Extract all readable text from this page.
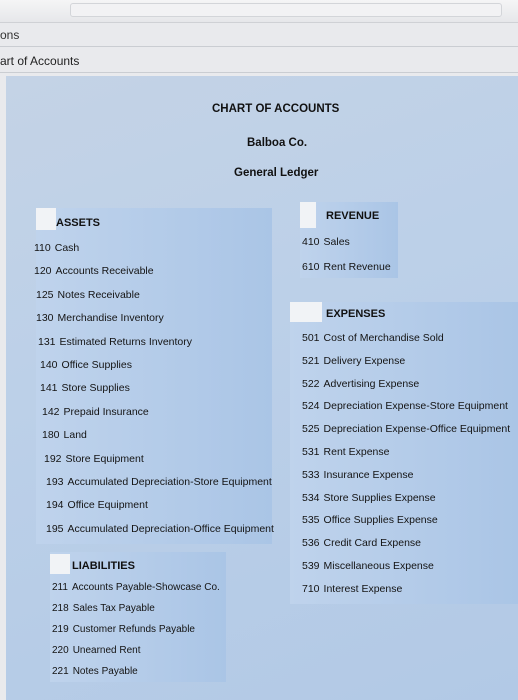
ons
art of Accounts
CHART OF ACCOUNTS
Balboa Co.
General Ledger
ASSETS
110 Cash
120 Accounts Receivable
125 Notes Receivable
130 Merchandise Inventory
131 Estimated Returns Inventory
140 Office Supplies
141 Store Supplies
142 Prepaid Insurance
180 Land
192 Store Equipment
193 Accumulated Depreciation-Store Equipment
194 Office Equipment
195 Accumulated Depreciation-Office Equipment
LIABILITIES
211 Accounts Payable-Showcase Co.
218 Sales Tax Payable
219 Customer Refunds Payable
220 Unearned Rent
221 Notes Payable
REVENUE
410 Sales
610 Rent Revenue
EXPENSES
501 Cost of Merchandise Sold
521 Delivery Expense
522 Advertising Expense
524 Depreciation Expense-Store Equipment
525 Depreciation Expense-Office Equipment
531 Rent Expense
533 Insurance Expense
534 Store Supplies Expense
535 Office Supplies Expense
536 Credit Card Expense
539 Miscellaneous Expense
710 Interest Expense
